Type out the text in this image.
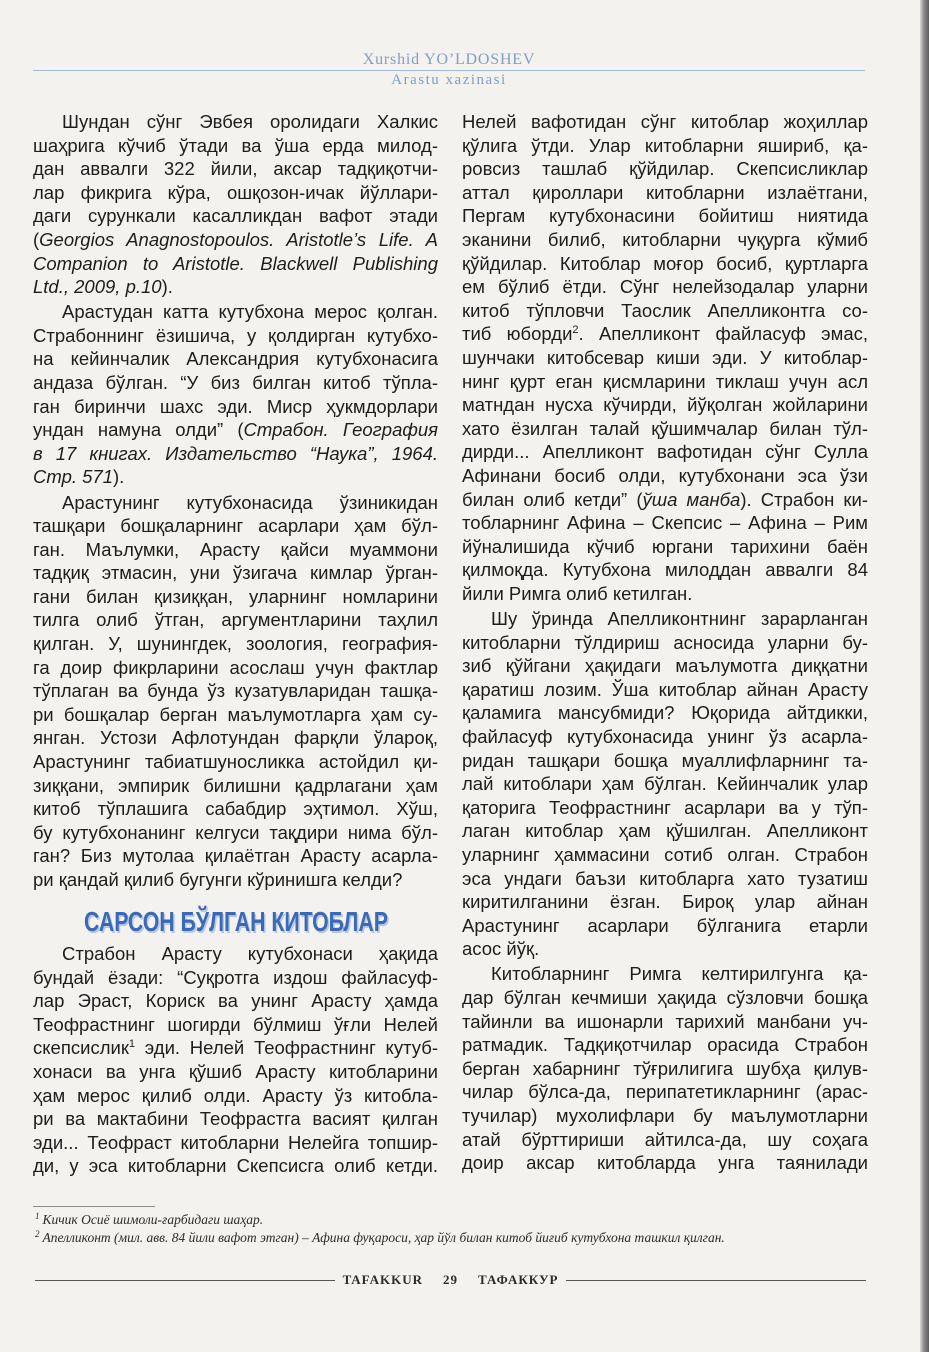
Xurshid YO’LDOSHEV
Arastu xazinasi
Шундан сўнг Эвбея оролидаги Халкис
шаҳрига кўчиб ўтади ва ўша ерда милод-
дан аввалги 322 йили, аксар тадқиқотчи-
лар фикрига кўра, ошқозон-ичак йўллари-
даги сурункали касалликдан вафот этади
(Georgios Anagnostopoulos. Aristotle’s Life. A
Companion to Aristotle. Blackwell Publishing
Ltd., 2009, p.10).
Арастудан катта кутубхона мерос қолган.
Страбоннинг ёзишича, у қолдирган кутубхо-
на кейинчалик Александрия кутубхонасига
андаза бўлган. “У биз билган китоб тўпла-
ган биринчи шахс эди. Миср ҳукмдорлари
ундан намуна олди” (Страбон. География
в 17 книгах. Издательство “Наука”, 1964.
Стр. 571).
Арастунинг кутубхонасида ўзиникидан
ташқари бошқаларнинг асарлари ҳам бўл-
ган. Маълумки, Арасту қайси муаммони
тадқиқ этмасин, уни ўзигача кимлар ўрган-
гани билан қизиққан, уларнинг номларини
тилга олиб ўтган, аргументларини таҳлил
қилган. У, шунингдек, зоология, география-
га доир фикрларини асослаш учун фактлар
тўплаган ва бунда ўз кузатувларидан ташқа-
ри бошқалар берган маълумотларга ҳам су-
янган. Устози Афлотундан фарқли ўлароқ,
Арастунинг табиатшуносликка астойдил қи-
зиққани, эмпирик билишни қадрлагани ҳам
китоб тўплашига сабабдир эҳтимол. Хўш,
бу кутубхонанинг келгуси тақдири нима бўл-
ган? Биз мутолаа қилаётган Арасту асарла-
ри қандай қилиб бугунги кўринишга келди?
САРСОН БЎЛГАН КИТОБЛАР
Страбон Арасту кутубхонаси ҳақида
бундай ёзади: “Суқротга издош файласуф-
лар Эраст, Кориск ва унинг Арасту ҳамда
Теофрастнинг шогирди бўлмиш ўғли Нелей
скепсислик$^1$ эди. Нелей Теофрастнинг кутуб-
хонаси ва унга қўшиб Арасту китобларини
ҳам мерос қилиб олди. Арасту ўз китобла-
ри ва мактабини Теофрастга васият қилган
эди... Теофраст китобларни Нелейга топшир-
ди, у эса китобларни Скепсисга олиб кетди.
Нелей вафотидан сўнг китоблар жоҳиллар
қўлига ўтди. Улар китобларни яшириб, қа-
ровсиз ташлаб қўйдилар. Скепсисликлар
аттал қироллари китобларни излаётгани,
Пергам кутубхонасини бойитиш ниятида
эканини билиб, китобларни чуқурга кўмиб
қўйдилар. Китоблар моғор босиб, қуртларга
ем бўлиб ётди. Сўнг нелейзодалар уларни
китоб тўпловчи Таослик Апелликонтга со-
тиб юборди$^2$. Апелликонт файласуф эмас,
шунчаки китобсевар киши эди. У китоблар-
нинг қурт еган қисмларини тиклаш учун асл
матндан нусха кўчирди, йўқолган жойларини
хато ёзилган талай қўшимчалар билан тўл-
дирди... Апелликонт вафотидан сўнг Сулла
Афинани босиб олди, кутубхонани эса ўзи
билан олиб кетди” (ўша манба). Страбон ки-
тобларнинг Афина – Скепсис – Афина – Рим
йўналишида кўчиб юргани тарихини баён
қилмоқда. Кутубхона милоддан аввалги 84
йили Римга олиб кетилган.
Шу ўринда Апелликонтнинг зарарланган
китобларни тўлдириш асносида уларни бу-
зиб қўйгани ҳақидаги маълумотга диққатни
қаратиш лозим. Ўша китоблар айнан Арасту
қаламига мансубмиди? Юқорида айтдикки,
файласуф кутубхонасида унинг ўз асарла-
ридан ташқари бошқа муаллифларнинг та-
лай китоблари ҳам бўлган. Кейинчалик улар
қаторига Теофрастнинг асарлари ва у тўп-
лаган китоблар ҳам қўшилган. Апелликонт
уларнинг ҳаммасини сотиб олган. Страбон
эса ундаги баъзи китобларга хато тузатиш
киритилганини ёзган. Бироқ улар айнан
Арастунинг асарлари бўлганига етарли
асос йўқ.
Китобларнинг Римга келтирилгунга қа-
дар бўлган кечмиши ҳақида сўзловчи бошқа
тайинли ва ишонарли тарихий манбани уч-
ратмадик. Тадқиқотчилар орасида Страбон
берган хабарнинг тўғрилигига шубҳа қилув-
чилар бўлса-да, перипатетикларнинг (арас-
тучилар) мухолифлари бу маълумотларни
атай бўрттириши айтилса-да, шу соҳага
доир аксар китобларда унга таянилади
$^1$ Кичик Осиё шимоли-ғарбидаги шаҳар.
$^2$ Апелликонт (мил. авв. 84 йили вафот этган) – Афина фуқароси, ҳар йўл билан китоб йиғиб кутубхона ташкил қилган.
TAFAKKUR 29 ТАФАККУР
